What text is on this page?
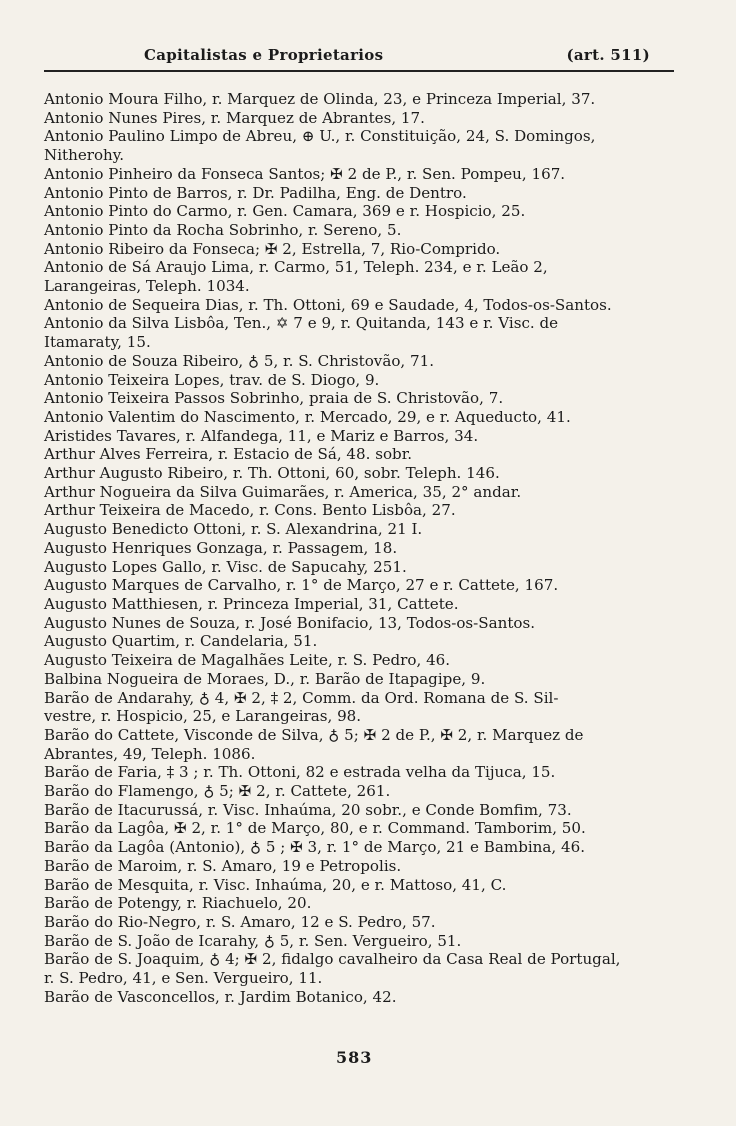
Capitalistas e Proprietarios	(art. 511)

Antonio Moura Filho, r. Marquez de Olinda, 23, e Princeza Imperial, 37.

Antonio Nunes Pires, r. Marquez de Abrantes, 17.

Antonio Paulino Limpo de Abreu, ⊕ U., r. Constituição, 24, S. Domingos,
Nitherohy.

Antonio Pinheiro da Fonseca Santos; ✠ 2 de P., r. Sen. Pompeu, 167.

Antonio Pinto de Barros, r. Dr. Padilha, Eng. de Dentro.

Antonio Pinto do Carmo, r. Gen. Camara, 369 e r. Hospicio, 25.

Antonio Pinto da Rocha Sobrinho, r. Sereno, 5.

Antonio Ribeiro da Fonseca; ✠ 2, Estrella, 7, Rio-Comprido.

Antonio de Sá Araujo Lima, r. Carmo, 51, Teleph. 234, e r. Leão 2,
Larangeiras, Teleph. 1034.

Antonio de Sequeira Dias, r. Th. Ottoni, 69 e Saudade, 4, Todos-os-Santos.

Antonio da Silva Lisbôa, Ten., ✡ 7 e 9, r. Quitanda, 143 e r. Visc. de
Itamaraty, 15.

Antonio de Souza Ribeiro, ♁ 5, r. S. Christovão, 71.

Antonio Teixeira Lopes, trav. de S. Diogo, 9.

Antonio Teixeira Passos Sobrinho, praia de S. Christovão, 7.

Antonio Valentim do Nascimento, r. Mercado, 29, e r. Aqueducto, 41.

Aristides Tavares, r. Alfandega, 11, e Mariz e Barros, 34.

Arthur Alves Ferreira, r. Estacio de Sá, 48. sobr.

Arthur Augusto Ribeiro, r. Th. Ottoni, 60, sobr. Teleph. 146.

Arthur Nogueira da Silva Guimarães, r. America, 35, 2° andar.

Arthur Teixeira de Macedo, r. Cons. Bento Lisbôa, 27.

Augusto Benedicto Ottoni, r. S. Alexandrina, 21 I.

Augusto Henriques Gonzaga, r. Passagem, 18.

Augusto Lopes Gallo, r. Visc. de Sapucahy, 251.

Augusto Marques de Carvalho, r. 1° de Março, 27 e r. Cattete, 167.

Augusto Matthiesen, r. Princeza Imperial, 31, Cattete.

Augusto Nunes de Souza, r. José Bonifacio, 13, Todos-os-Santos.

Augusto Quartim, r. Candelaria, 51.

Augusto Teixeira de Magalhães Leite, r. S. Pedro, 46.

Balbina Nogueira de Moraes, D., r. Barão de Itapagipe, 9.

Barão de Andarahy, ♁ 4, ✠ 2, ‡ 2, Comm. da Ord. Romana de S. Sil-
vestre, r. Hospicio, 25, e Larangeiras, 98.

Barão do Cattete, Visconde de Silva, ♁ 5; ✠ 2 de P., ✠ 2, r. Marquez de
Abrantes, 49, Teleph. 1086.

Barão de Faria, ‡ 3 ; r. Th. Ottoni, 82 e estrada velha da Tijuca, 15.

Barão do Flamengo, ♁ 5; ✠ 2, r. Cattete, 261.

Barão de Itacurussá, r. Visc. Inhaúma, 20 sobr., e Conde Bomfim, 73.

Barão da Lagôa, ✠ 2, r. 1° de Março, 80, e r. Command. Tamborim, 50.

Barão da Lagôa (Antonio), ♁ 5 ; ✠ 3, r. 1° de Março, 21 e Bambina, 46.

Barão de Maroim, r. S. Amaro, 19 e Petropolis.

Barão de Mesquita, r. Visc. Inhaúma, 20, e r. Mattoso, 41, C.

Barão de Potengy, r. Riachuelo, 20.

Barão do Rio-Negro, r. S. Amaro, 12 e S. Pedro, 57.

Barão de S. João de Icarahy, ♁ 5, r. Sen. Vergueiro, 51.

Barão de S. Joaquim, ♁ 4; ✠ 2, fidalgo cavalheiro da Casa Real de Portugal,
r. S. Pedro, 41, e Sen. Vergueiro, 11.

Barão de Vasconcellos, r. Jardim Botanico, 42.

583
